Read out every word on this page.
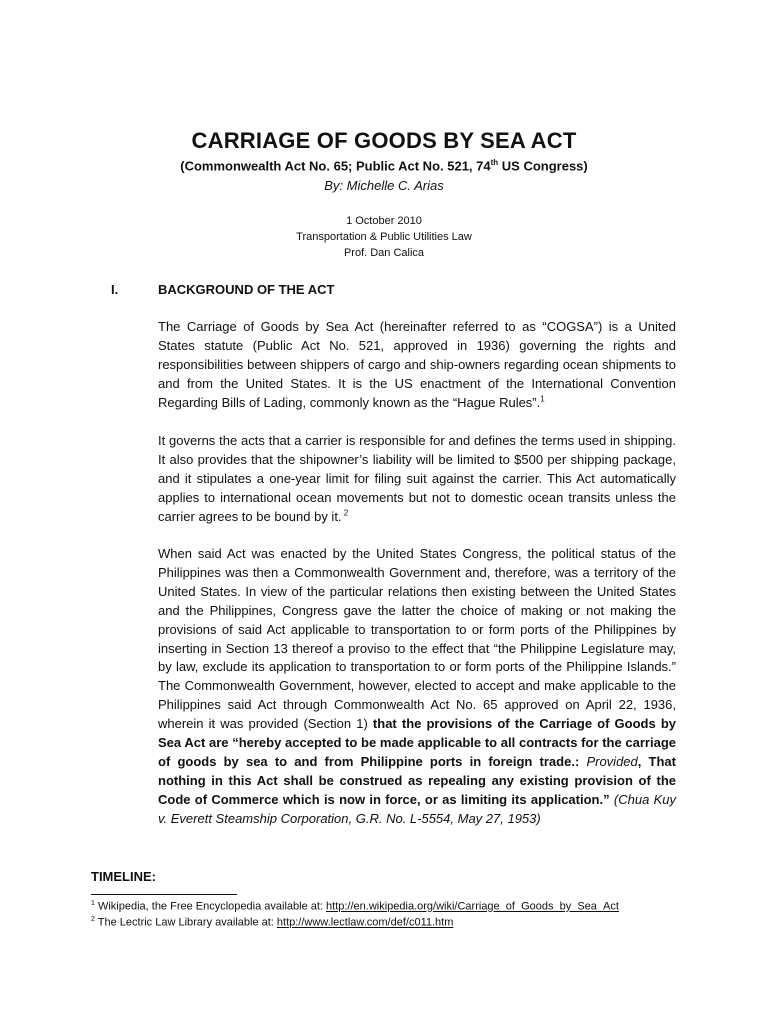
CARRIAGE OF GOODS BY SEA ACT
(Commonwealth Act No. 65; Public Act No. 521, 74th US Congress)
By: Michelle C. Arias
1 October 2010
Transportation & Public Utilities Law
Prof. Dan Calica
I.	BACKGROUND OF THE ACT

The Carriage of Goods by Sea Act (hereinafter referred to as “COGSA”) is a United States statute (Public Act No. 521, approved in 1936) governing the rights and responsibilities between shippers of cargo and ship-owners regarding ocean shipments to and from the United States. It is the US enactment of the International Convention Regarding Bills of Lading, commonly known as the “Hague Rules”.$^1$

It governs the acts that a carrier is responsible for and defines the terms used in shipping. It also provides that the shipowner’s liability will be limited to $500 per shipping package, and it stipulates a one-year limit for filing suit against the carrier. This Act automatically applies to international ocean movements but not to domestic ocean transits unless the carrier agrees to be bound by it. $^2$

When said Act was enacted by the United States Congress, the political status of the Philippines was then a Commonwealth Government and, therefore, was a territory of the United States. In view of the particular relations then existing between the United States and the Philippines, Congress gave the latter the choice of making or not making the provisions of said Act applicable to transportation to or form ports of the Philippines by inserting in Section 13 thereof a proviso to the effect that “the Philippine Legislature may, by law, exclude its application to transportation to or form ports of the Philippine Islands.” The Commonwealth Government, however, elected to accept and make applicable to the Philippines said Act through Commonwealth Act No. 65 approved on April 22, 1936, wherein it was provided (Section 1) that the provisions of the Carriage of Goods by Sea Act are “hereby accepted to be made applicable to all contracts for the carriage of goods by sea to and from Philippine ports in foreign trade.: Provided, That nothing in this Act shall be construed as repealing any existing provision of the Code of Commerce which is now in force, or as limiting its application.” (Chua Kuy v. Everett Steamship Corporation, G.R. No. L-5554, May 27, 1953)

TIMELINE:
$^1$ Wikipedia, the Free Encyclopedia available at: http://en.wikipedia.org/wiki/Carriage_of_Goods_by_Sea_Act
$^2$ The Lectric Law Library available at: http://www.lectlaw.com/def/c011.htm
